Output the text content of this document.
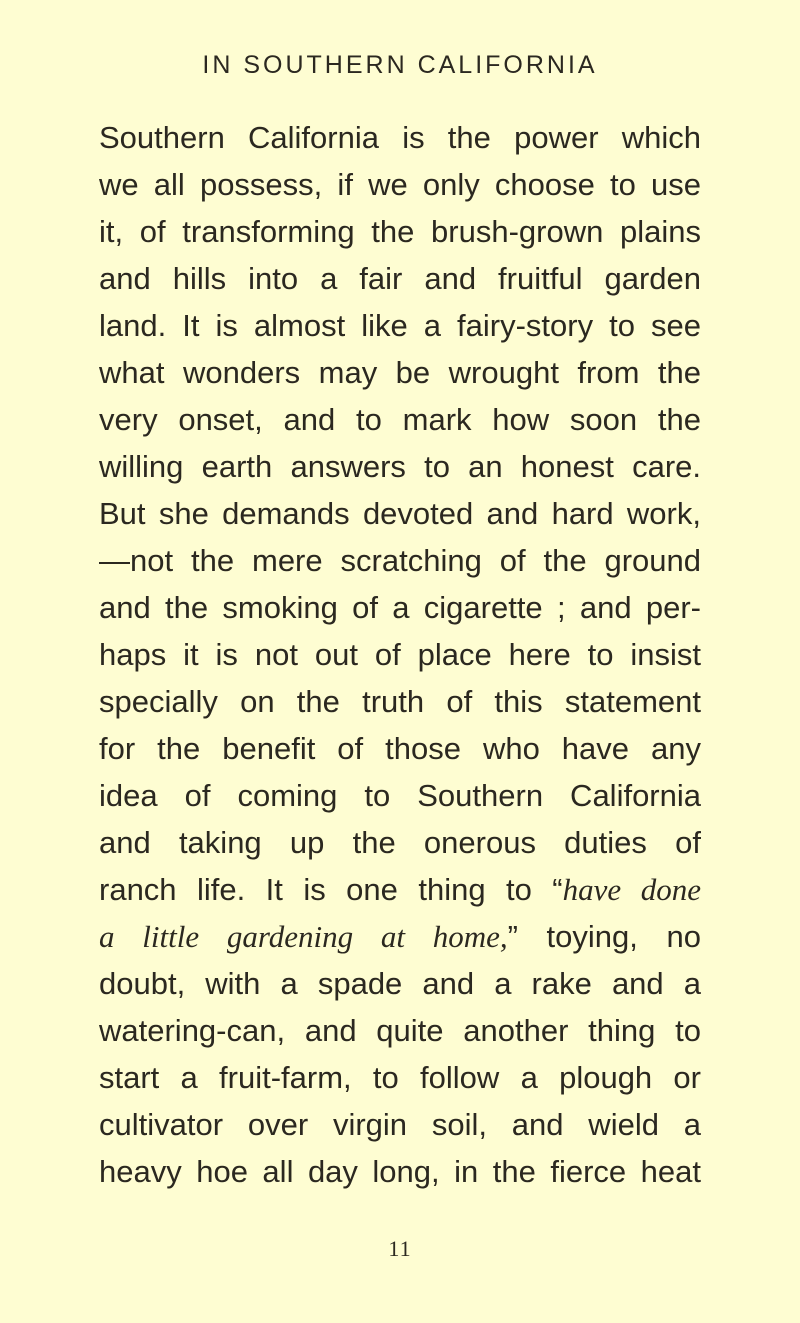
IN SOUTHERN CALIFORNIA
Southern California is the power which
we all possess, if we only choose to use
it, of transforming the brush-grown plains
and hills into a fair and fruitful garden
land. It is almost like a fairy-story to see
what wonders may be wrought from the
very onset, and to mark how soon the
willing earth answers to an honest care.
But she demands devoted and hard work,
—not the mere scratching of the ground
and the smoking of a cigarette ; and per-
haps it is not out of place here to insist
specially on the truth of this statement
for the benefit of those who have any
idea of coming to Southern California
and taking up the onerous duties of
ranch life. It is one thing to “have done
a little gardening at home,” toying, no
doubt, with a spade and a rake and a
watering-can, and quite another thing to
start a fruit-farm, to follow a plough or
cultivator over virgin soil, and wield a
heavy hoe all day long, in the fierce heat
11
